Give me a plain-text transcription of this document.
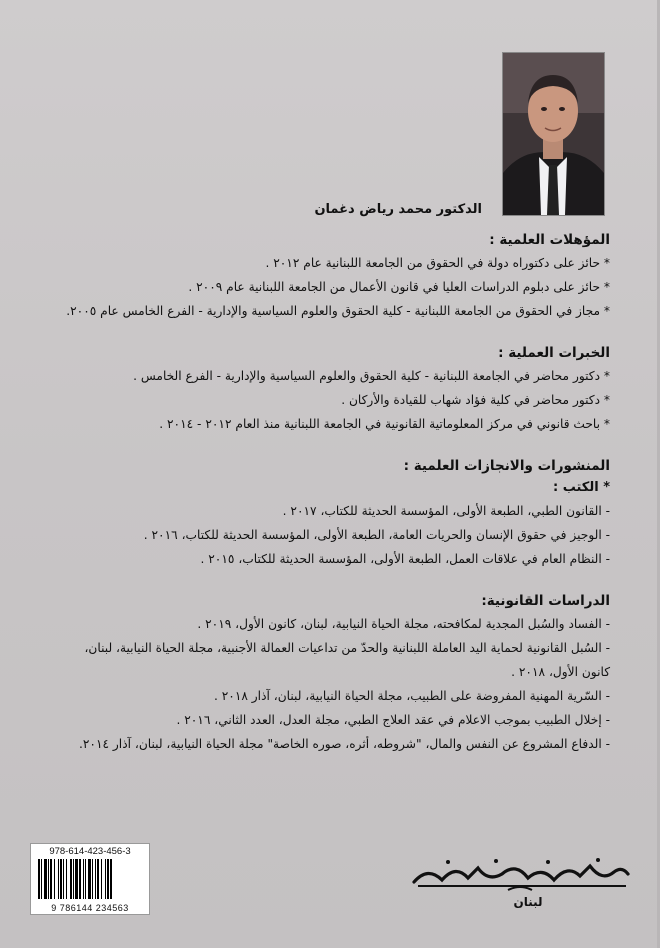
الدكتور محمد رياض دغمان

المؤهلات العلمية :

* حائز على دكتوراه دولة في الحقوق من الجامعة اللبنانية عام ٢٠١٢ .

* حائز على دبلوم الدراسات العليا في قانون الأعمال من الجامعة اللبنانية عام ٢٠٠٩ .

* مجاز في الحقوق من الجامعة اللبنانية - كلية الحقوق والعلوم السياسية والإدارية - الفرع الخامس عام ٢٠٠٥.

الخبرات العملية :

* دكتور محاضر في الجامعة اللبنانية - كلية الحقوق والعلوم السياسية والإدارية - الفرع الخامس .

* دكتور محاضر في كلية فؤاد شهاب للقيادة والأركان .

* باحث قانوني في مركز المعلوماتية القانونية في الجامعة اللبنانية منذ العام ٢٠١٢ - ٢٠١٤ .

المنشورات والانجازات العلمية :

* الكتب :

- القانون الطبي، الطبعة الأولى، المؤسسة الحديثة للكتاب، ٢٠١٧ .

- الوجيز في حقوق الإنسان والحريات العامة، الطبعة الأولى، المؤسسة الحديثة للكتاب، ٢٠١٦ .

- النظام العام في علاقات العمل، الطبعة الأولى، المؤسسة الحديثة للكتاب، ٢٠١٥ .

الدراسات القانونية:

- الفساد والسُبل المجدية لمكافحته، مجلة الحياة النيابية، لبنان، كانون الأول، ٢٠١٩ .

- السُبل القانونية لحماية اليد العاملة اللبنانية والحدّ من تداعيات العمالة الأجنبية، مجلة الحياة النيابية، لبنان،

كانون الأول، ٢٠١٨ .

- السّرية المهنية المفروضة على الطبيب، مجلة الحياة النيابية، لبنان، آذار ٢٠١٨ .

- إخلال الطبيب بموجب الاعلام في عقد العلاج الطبي، مجلة العدل، العدد الثاني، ٢٠١٦ .

- الدفاع المشروع عن النفس والمال، "شروطه، أثره، صوره الخاصة" مجلة الحياة النيابية، لبنان، آذار ٢٠١٤.

978-614-423-456-3
9 786144 234563	لبنان
